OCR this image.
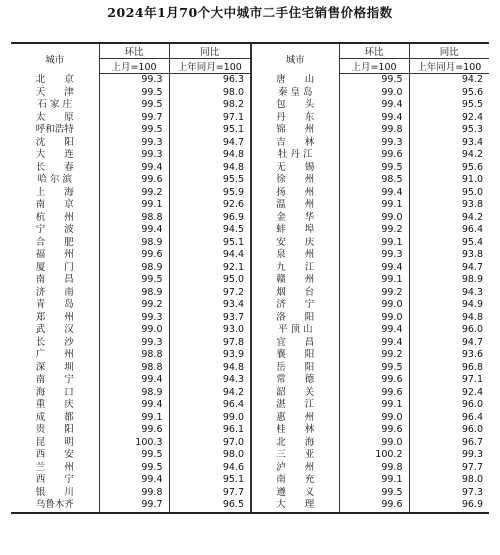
2024年1月70个大中城市二手住宅销售价格指数
城市	环比	同比	城市	环比	同比
	上月=100	上年同月=100		上月=100	上年同月=100
北　　京	99.3	96.3	唐　　山	99.5	94.2
天　　津	99.5	98.0	秦 皇 岛	99.0	95.6
石 家 庄	99.5	98.2	包　　头	99.4	95.5
太　　原	99.7	97.1	丹　　东	99.4	92.4
呼和浩特	99.5	95.1	锦　　州	99.8	95.3
沈　　阳	99.3	94.7	吉　　林	99.3	93.4
大　　连	99.3	94.8	牡 丹 江	99.6	94.2
长　　春	99.4	94.8	无　　锡	99.5	95.6
哈 尔 滨	99.6	95.5	徐　　州	98.5	91.0
上　　海	99.2	95.9	扬　　州	99.4	95.0
南　　京	99.1	92.6	温　　州	99.1	93.8
杭　　州	98.8	96.9	金　　华	99.0	94.2
宁　　波	99.4	94.5	蚌　　埠	99.2	96.4
合　　肥	98.9	95.1	安　　庆	99.1	95.4
福　　州	99.6	94.4	泉　　州	99.3	93.8
厦　　门	98.9	92.1	九　　江	99.4	94.7
南　　昌	99.5	95.0	赣　　州	99.1	98.9
济　　南	98.9	97.2	烟　　台	99.2	94.3
青　　岛	99.2	93.4	济　　宁	99.0	94.9
郑　　州	99.3	93.7	洛　　阳	99.0	94.8
武　　汉	99.0	93.0	平 顶 山	99.4	96.0
长　　沙	99.3	97.8	宜　　昌	99.4	94.7
广　　州	98.8	93.9	襄　　阳	99.2	93.6
深　　圳	98.8	94.8	岳　　阳	99.5	96.8
南　　宁	99.4	94.3	常　　德	99.6	97.1
海　　口	98.9	94.2	韶　　关	99.6	92.4
重　　庆	99.4	96.4	湛　　江	99.1	96.0
成　　都	99.1	99.0	惠　　州	99.0	96.4
贵　　阳	99.6	96.1	桂　　林	99.6	96.0
昆　　明	100.3	97.0	北　　海	99.0	96.7
西　　安	99.5	98.0	三　　亚	100.2	99.3
兰　　州	99.5	94.6	泸　　州	99.8	97.7
西　　宁	99.4	95.1	南　　充	99.1	98.0
银　　川	99.8	97.7	遵　　义	99.5	97.3
乌鲁木齐	99.7	96.5	大　　理	99.6	96.9
